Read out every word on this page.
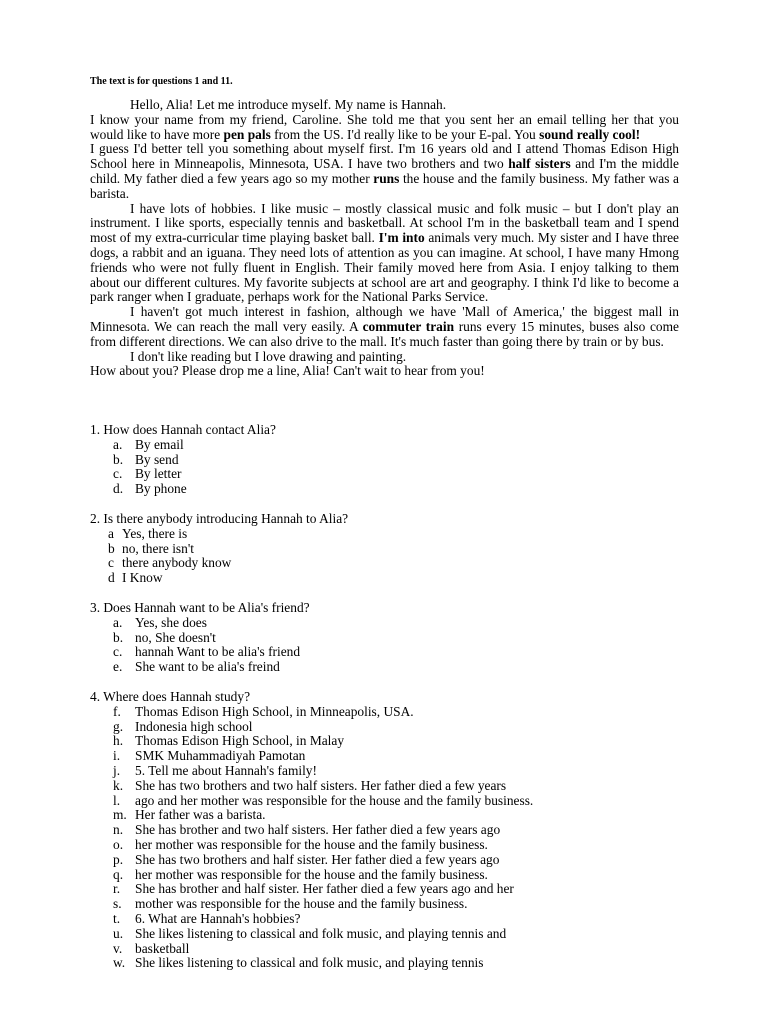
The text is for questions 1 and 11.

Hello, Alia! Let me introduce myself. My name is Hannah.

I know your name from my friend, Caroline. She told me that you sent her an email telling her that you would like to have more pen pals from the US. I'd really like to be your E-pal. You sound really cool!

I guess I'd better tell you something about myself first. I'm 16 years old and I attend Thomas Edison High School here in Minneapolis, Minnesota, USA. I have two brothers and two half sisters and I'm the middle child. My father died a few years ago so my mother runs the house and the family business. My father was a barista.

I have lots of hobbies. I like music – mostly classical music and folk music – but I don't play an instrument. I like sports, especially tennis and basketball. At school I'm in the basketball team and I spend most of my extra-curricular time playing basket ball. I'm into animals very much. My sister and I have three dogs, a rabbit and an iguana. They need lots of attention as you can imagine. At school, I have many Hmong friends who were not fully fluent in English. Their family moved here from Asia. I enjoy talking to them about our different cultures. My favorite subjects at school are art and geography. I think I'd like to become a park ranger when I graduate, perhaps work for the National Parks Service.

I haven't got much interest in fashion, although we have 'Mall of America,' the biggest mall in Minnesota. We can reach the mall very easily. A commuter train runs every 15 minutes, buses also come from different directions. We can also drive to the mall. It's much faster than going there by train or by bus.

I don't like reading but I love drawing and painting.

How about you? Please drop me a line, Alia! Can't wait to hear from you!

1. How does Hannah contact Alia?
a. By email
b. By send
c. By letter
d. By phone
2. Is there anybody introducing Hannah to Alia?
a Yes, there is
b no, there isn't
c there anybody know
d I Know
3. Does Hannah want to be Alia's friend?
a. Yes, she does
b. no, She doesn't
c. hannah Want to be alia's friend
e. She want to be alia's freind
4. Where does Hannah study?
f.	Thomas Edison High School, in Minneapolis, USA.
g. Indonesia high school
h. Thomas Edison High School, in Malay
i.	SMK Muhammadiyah Pamotan
j.	5. Tell me about Hannah's family!
k. She has two brothers and two half sisters. Her father died a few years
l.	ago and her mother was responsible for the house and the family business.
m. Her father was a barista.
n. She has brother and two half sisters. Her father died a few years ago
o. her mother was responsible for the house and the family business.
p. She has two brothers and half sister. Her father died a few years ago
q. her mother was responsible for the house and the family business.
r.	She has brother and half sister. Her father died a few years ago and her
s.	mother was responsible for the house and the family business.
t.	6. What are Hannah's hobbies?
u. She likes listening to classical and folk music, and playing tennis and
v. basketball
w. She likes listening to classical and folk music, and playing tennis
